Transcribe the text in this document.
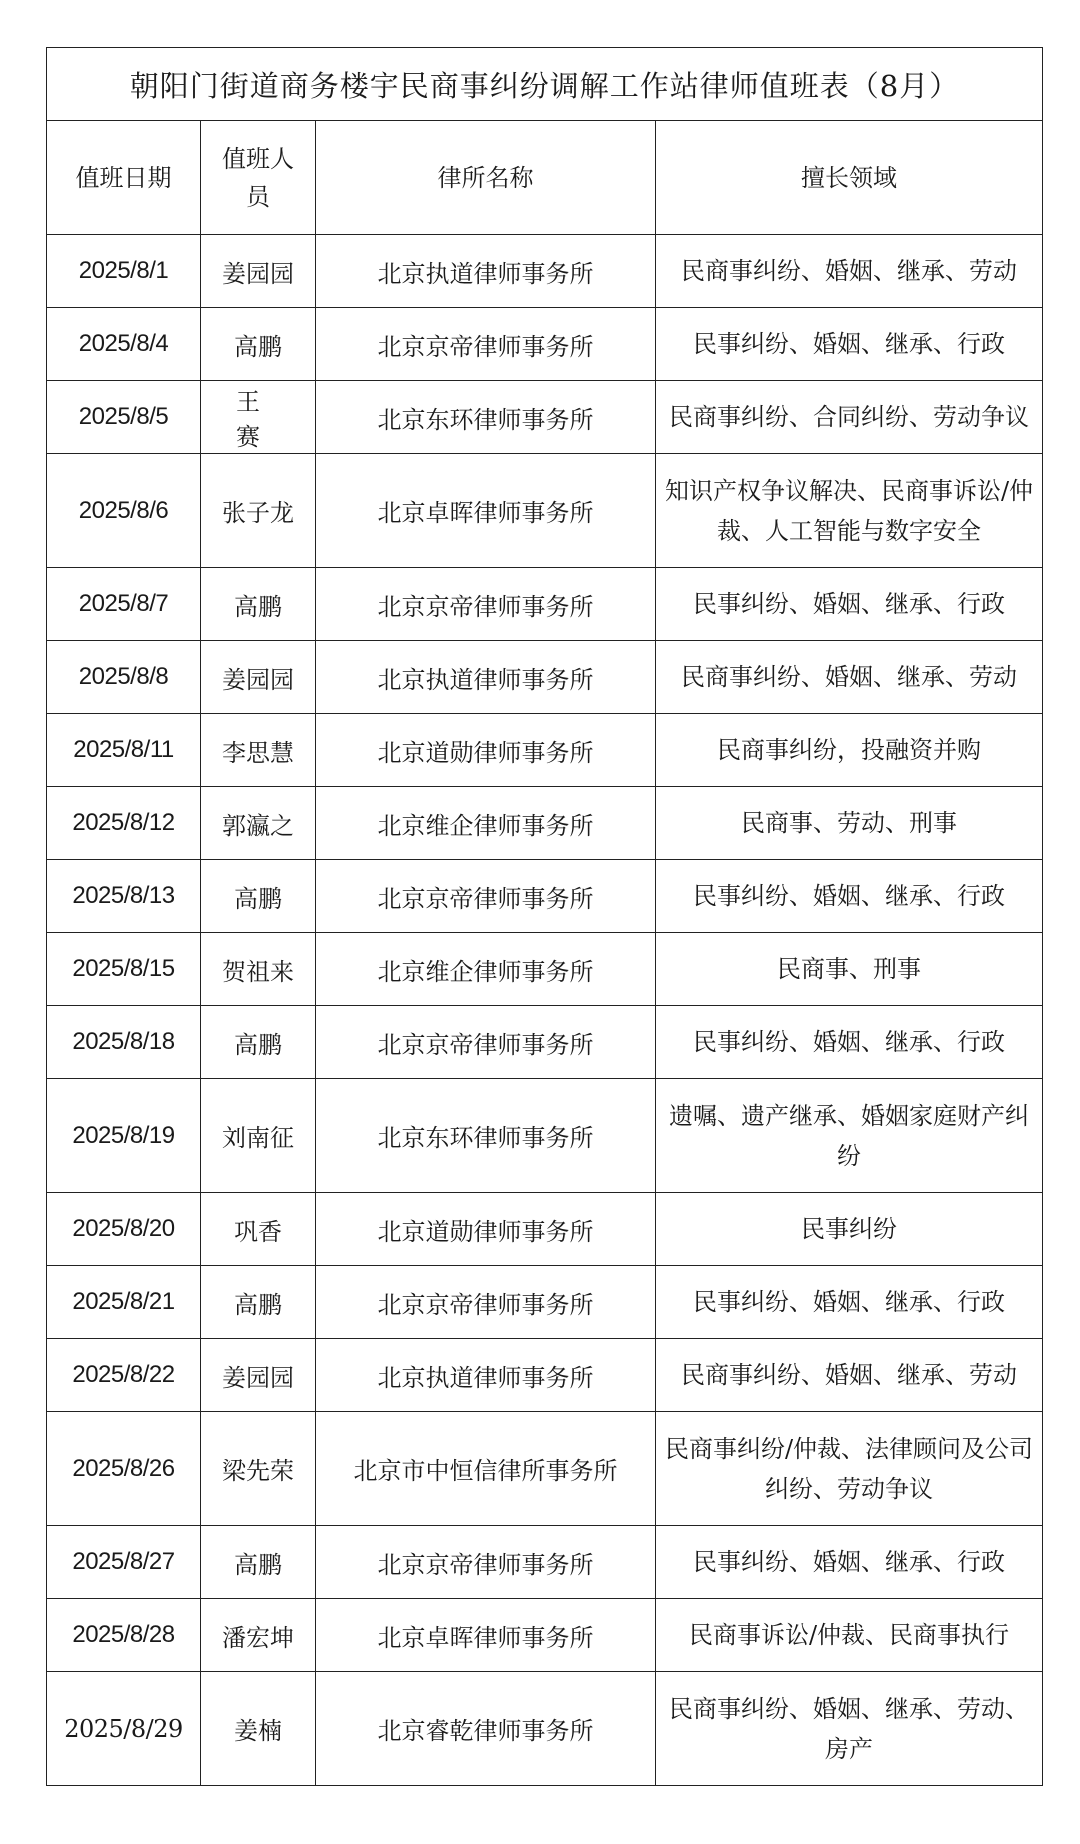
朝阳门街道商务楼宇民商事纠纷调解工作站律师值班表（8月）			
值班日期	值班人员	律所名称	擅长领域
2025/8/1	姜园园	北京执道律师事务所	民商事纠纷、婚姻、继承、劳动
2025/8/4	高鹏	北京京帝律师事务所	民事纠纷、婚姻、继承、行政
2025/8/5	王 赛	北京东环律师事务所	民商事纠纷、合同纠纷、劳动争议
2025/8/6	张子龙	北京卓晖律师事务所	知识产权争议解决、民商事诉讼/仲裁、人工智能与数字安全
2025/8/7	高鹏	北京京帝律师事务所	民事纠纷、婚姻、继承、行政
2025/8/8	姜园园	北京执道律师事务所	民商事纠纷、婚姻、继承、劳动
2025/8/11	李思慧	北京道勋律师事务所	民商事纠纷，投融资并购
2025/8/12	郭瀛之	北京维企律师事务所	民商事、劳动、刑事
2025/8/13	高鹏	北京京帝律师事务所	民事纠纷、婚姻、继承、行政
2025/8/15	贺祖来	北京维企律师事务所	民商事、刑事
2025/8/18	高鹏	北京京帝律师事务所	民事纠纷、婚姻、继承、行政
2025/8/19	刘南征	北京东环律师事务所	遗嘱、遗产继承、婚姻家庭财产纠纷
2025/8/20	巩香	北京道勋律师事务所	民事纠纷
2025/8/21	高鹏	北京京帝律师事务所	民事纠纷、婚姻、继承、行政
2025/8/22	姜园园	北京执道律师事务所	民商事纠纷、婚姻、继承、劳动
2025/8/26	梁先荣	北京市中恒信律所事务所	民商事纠纷/仲裁、法律顾问及公司纠纷、劳动争议
2025/8/27	高鹏	北京京帝律师事务所	民事纠纷、婚姻、继承、行政
2025/8/28	潘宏坤	北京卓晖律师事务所	民商事诉讼/仲裁、民商事执行
2025/8/29	姜楠	北京睿乾律师事务所	民商事纠纷、婚姻、继承、劳动、房产
